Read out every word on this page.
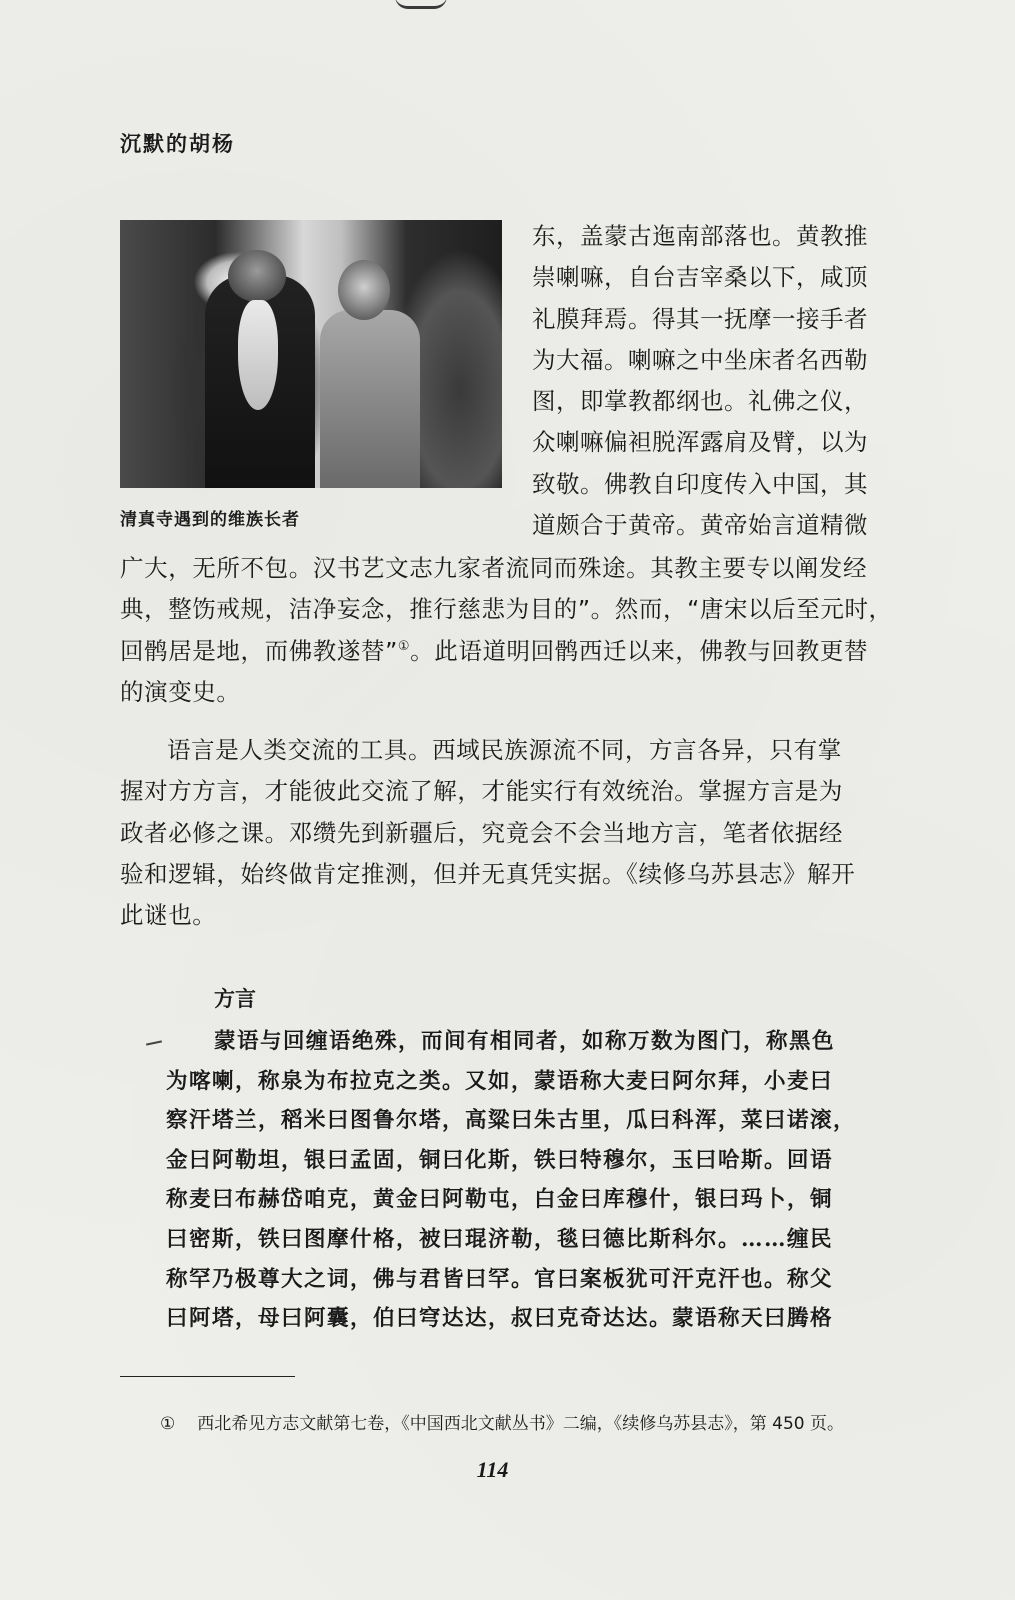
沉默的胡杨
清真寺遇到的维族长者
东，盖蒙古迤南部落也。黄教推
崇喇嘛，自台吉宰桑以下，咸顶
礼膜拜焉。得其一抚摩一接手者
为大福。喇嘛之中坐床者名西勒
图，即掌教都纲也。礼佛之仪，
众喇嘛偏袒脱浑露肩及臂，以为
致敬。佛教自印度传入中国，其
道颇合于黄帝。黄帝始言道精微
广大，无所不包。汉书艺文志九家者流同而殊途。其教主要专以阐发经
典，整饬戒规，洁净妄念，推行慈悲为目的”。然而，“唐宋以后至元时，
回鹘居是地，而佛教遂替”①。此语道明回鹘西迁以来，佛教与回教更替
的演变史。
语言是人类交流的工具。西域民族源流不同，方言各异，只有掌
握对方方言，才能彼此交流了解，才能实行有效统治。掌握方言是为
政者必修之课。邓缵先到新疆后，究竟会不会当地方言，笔者依据经
验和逻辑，始终做肯定推测，但并无真凭实据。《续修乌苏县志》解开
此谜也。
方言
蒙语与回缠语绝殊，而间有相同者，如称万数为图门，称黑色
为喀喇，称泉为布拉克之类。又如，蒙语称大麦曰阿尔拜，小麦曰
察汗塔兰，稻米曰图鲁尔塔，高粱曰朱古里，瓜曰科浑，菜曰诺滚，
金曰阿勒坦，银曰孟固，铜曰化斯，铁曰特穆尔，玉曰哈斯。回语
称麦曰布赫岱咱克，黄金曰阿勒屯，白金曰库穆什，银曰玛卜，铜
曰密斯，铁曰图摩什格，被曰琨济勒，毯曰德比斯科尔。……缠民
称罕乃极尊大之词，佛与君皆曰罕。官曰案板犹可汗克汗也。称父
曰阿塔，母曰阿囊，伯曰穹达达，叔曰克奇达达。蒙语称天曰腾格
① 西北希见方志文献第七卷，《中国西北文献丛书》二编，《续修乌苏县志》，第 450 页。
114
